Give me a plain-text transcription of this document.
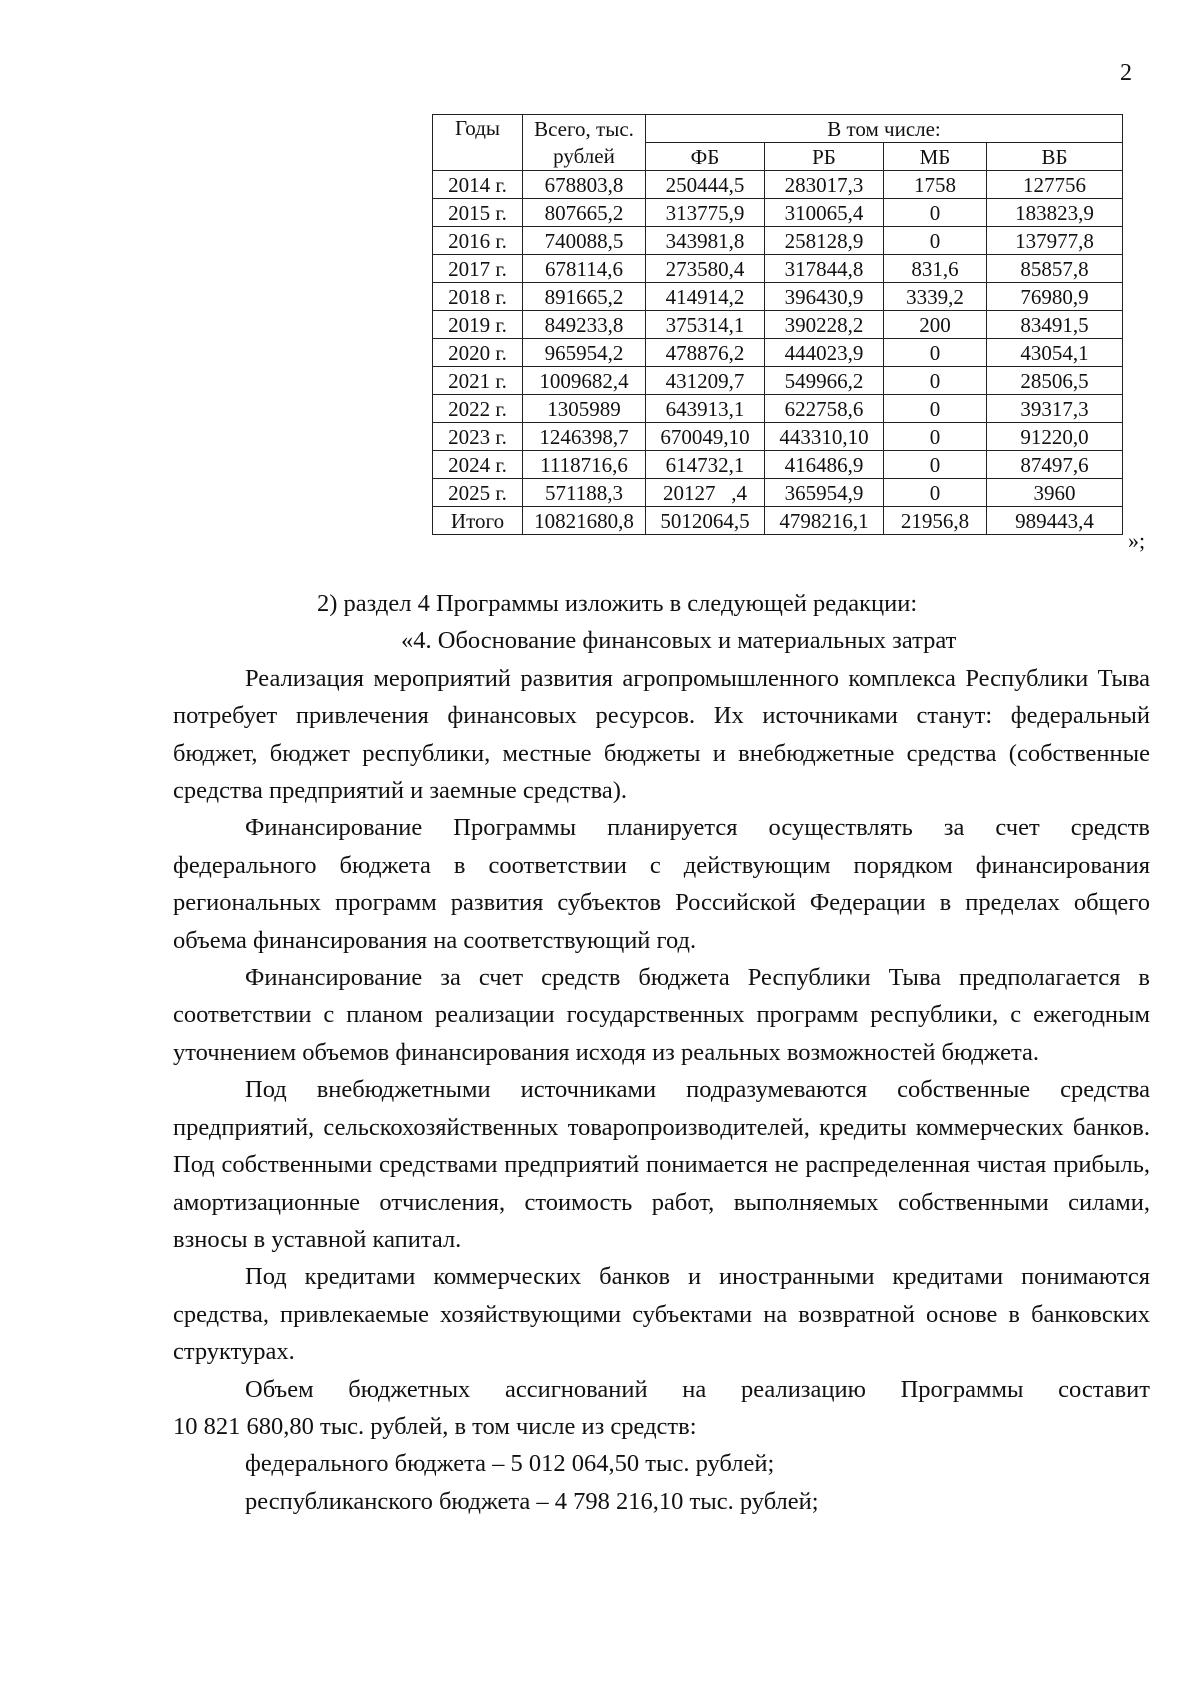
2
Годы	Всего, тыс.	В том числе:			
	рублей	ФБ	РБ	МБ	ВБ
2014 г.	678803,8	250444,5	283017,3	1758	127756
2015 г.	807665,2	313775,9	310065,4	0	183823,9
2016 г.	740088,5	343981,8	258128,9	0	137977,8
2017 г.	678114,6	273580,4	317844,8	831,6	85857,8
2018 г.	891665,2	414914,2	396430,9	3339,2	76980,9
2019 г.	849233,8	375314,1	390228,2	200	83491,5
2020 г.	965954,2	478876,2	444023,9	0	43054,1
2021 г.	1009682,4	431209,7	549966,2	0	28506,5
2022 г.	1305989	643913,1	622758,6	0	39317,3
2023 г.	1246398,7	670049,10	443310,10	0	91220,0
2024 г.	1118716,6	614732,1	416486,9	0	87497,6
2025 г.	571188,3	20127   ,4	365954,9	0	3960
Итого	10821680,8	5012064,5	4798216,1	21956,8	989443,4
»;

2) раздел 4 Программы изложить в следующей редакции:

«4. Обоснование финансовых и материальных затрат

Реализация мероприятий развития агропромышленного комплекса Республики Тыва потребует привлечения финансовых ресурсов. Их источниками станут: федеральный бюджет, бюджет республики, местные бюджеты и внебюджетные средства (собственные средства предприятий и заемные средства).

Финансирование Программы планируется осуществлять за счет средств федерального бюджета в соответствии с действующим порядком финансирования региональных программ развития субъектов Российской Федерации в пределах общего объема финансирования на соответствующий год.

Финансирование за счет средств бюджета Республики Тыва предполагается в соответствии с планом реализации государственных программ республики, с ежегодным уточнением объемов финансирования исходя из реальных возможностей бюджета.

Под внебюджетными источниками подразумеваются собственные средства предприятий, сельскохозяйственных товаропроизводителей, кредиты коммерческих банков. Под собственными средствами предприятий понимается не распределенная чистая прибыль, амортизационные отчисления, стоимость работ, выполняемых собственными силами, взносы в уставной капитал.

Под кредитами коммерческих банков и иностранными кредитами понимаются средства, привлекаемые хозяйствующими субъектами на возвратной основе в банковских структурах.

Объем бюджетных ассигнований на реализацию Программы составит

10 821 680,80 тыс. рублей, в том числе из средств:

федерального бюджета – 5 012 064,50 тыс. рублей;

республиканского бюджета – 4 798 216,10 тыс. рублей;
